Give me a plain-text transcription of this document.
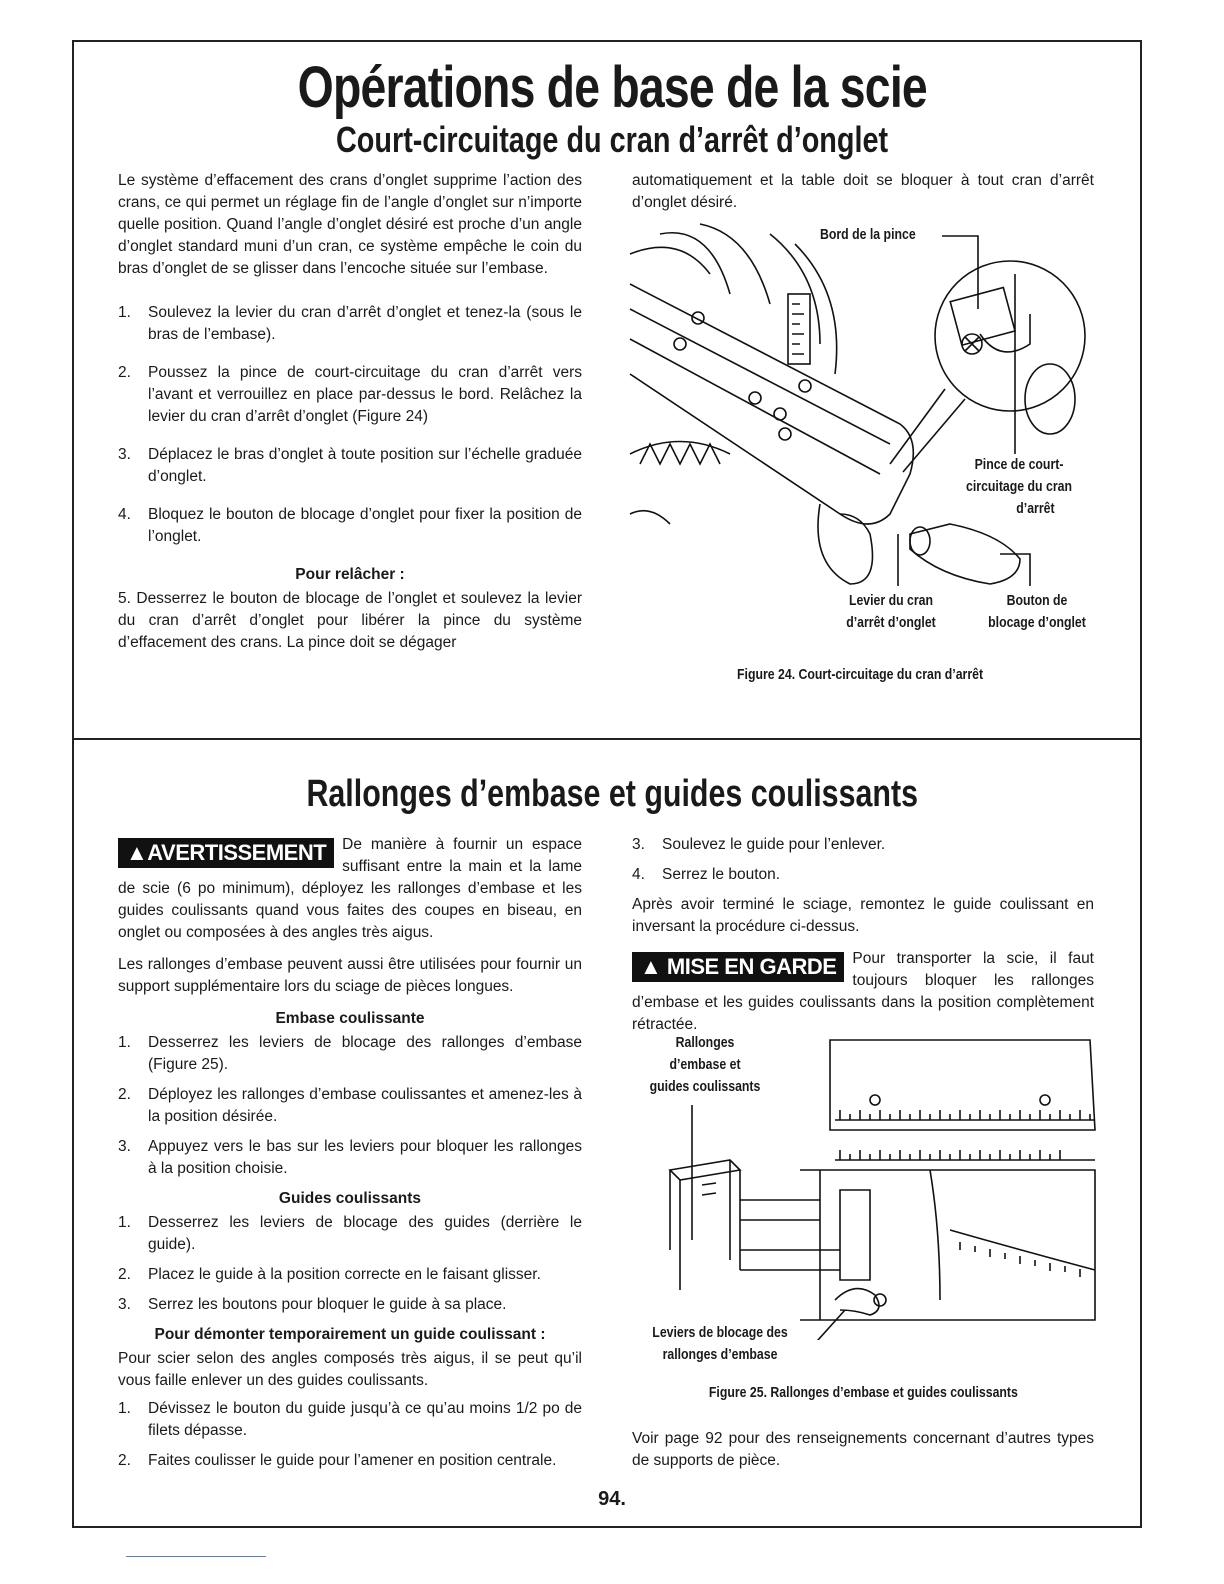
Opérations de base de la scie
Court-circuitage du cran d’arrêt d’onglet

Le système d’effacement des crans d’onglet supprime l’action des crans, ce qui permet un réglage fin de l’angle d’onglet sur n’importe quelle position. Quand l’angle d’onglet désiré est proche d’un angle d’onglet standard muni d’un cran, ce système empêche le coin du bras d’onglet de se glisser dans l’encoche située sur l’embase.

1.	Soulevez la levier du cran d’arrêt d’onglet et tenez-la (sous le bras de l’embase).
2.	Poussez la pince de court-circuitage du cran d’arrêt vers l’avant et verrouillez en place par-dessus le bord. Relâchez la levier du cran d’arrêt d’onglet (Figure 24)
3.	Déplacez le bras d’onglet à toute position sur l’échelle graduée d’onglet.
4.	Bloquez le bouton de blocage d’onglet pour fixer la position de l’onglet.
Pour relâcher :

5. Desserrez le bouton de blocage de l’onglet et soulevez la levier du cran d’arrêt d’onglet pour libérer la pince du système d’effacement des crans. La pince doit se dégager

automatiquement et la table doit se bloquer à tout cran d’arrêt d’onglet désiré.

Bord de la pince
Pince de court-
circuitage du cran
d’arrêt
Levier du cran
d’arrêt d’onglet
Bouton de
blocage d’onglet
Figure 24. Court-circuitage du cran d’arrêt
Rallonges d’embase et guides coulissants

▲AVERTISSEMENT	De manière à fournir un espace suffisant entre la main et la lame de scie (6 po minimum), déployez les rallonges d’embase et les guides coulissants quand vous faites des coupes en biseau, en onglet ou composées à des angles très aigus.

Les rallonges d’embase peuvent aussi être utilisées pour fournir un support supplémentaire lors du sciage de pièces longues.

Embase coulissante
1.	Desserrez les leviers de blocage des rallonges d’embase (Figure 25).
2.	Déployez les rallonges d’embase coulissantes et amenez-les à la position désirée.
3.	Appuyez vers le bas sur les leviers pour bloquer les rallonges à la position choisie.
Guides coulissants
1.	Desserrez les leviers de blocage des guides (derrière le guide).
2.	Placez le guide à la position correcte en le faisant glisser.
3.	Serrez les boutons pour bloquer le guide à sa place.
Pour démonter temporairement un guide coulissant :

Pour scier selon des angles composés très aigus, il se peut qu’il vous faille enlever un des guides coulissants.

1.	Dévissez le bouton du guide jusqu’à ce qu’au moins 1/2 po de filets dépasse.
2.	Faites coulisser le guide pour l’amener en position centrale.
3.	Soulevez le guide pour l’enlever.
4.	Serrez le bouton.

Après avoir terminé le sciage, remontez le guide coulissant en inversant la procédure ci-dessus.

▲ MISE EN GARDE	Pour transporter la scie, il faut toujours bloquer les rallonges d’embase et les guides coulissants dans la position complètement rétractée.

Rallonges
d’embase et
guides coulissants
Leviers de blocage des
rallonges d’embase
Figure 25. Rallonges d’embase et guides coulissants

Voir page 92 pour des renseignements concernant d’autres types de supports de pièce.

94.
